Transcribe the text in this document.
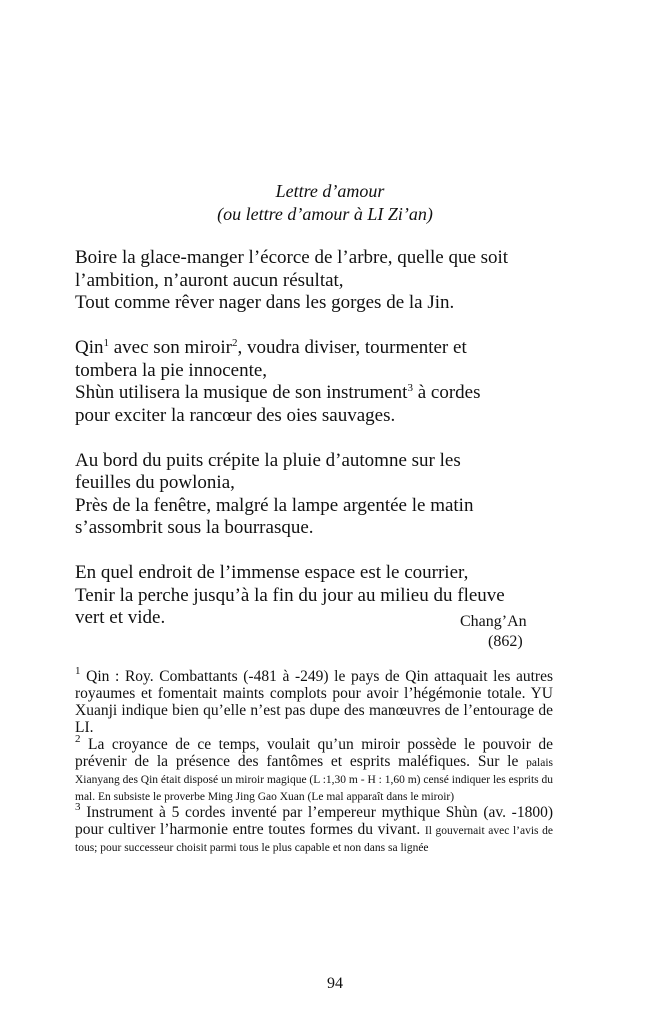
Lettre d’amour
(ou lettre d’amour à LI Zi’an)
Boire la glace-manger l’écorce de l’arbre, quelle que soit
l’ambition, n’auront aucun résultat,
Tout comme rêver nager dans les gorges de la Jin.
Qin$^1$ avec son miroir$^2$, voudra diviser, tourmenter et
tombera la pie innocente,
Shùn utilisera la musique de son instrument$^3$ à cordes
pour exciter la rancœur des oies sauvages.
Au bord du puits crépite la pluie d’automne sur les
feuilles du powlonia,
Près de la fenêtre, malgré la lampe argentée le matin
s’assombrit sous la bourrasque.
En quel endroit de l’immense espace est le courrier,
Tenir la perche jusqu’à la fin du jour au milieu du fleuve
vert et vide.	Chang’An
(862)

$^1$ Qin : Roy. Combattants (-481 à -249) le pays de Qin attaquait les autres royaumes et fomentait maints complots pour avoir l’hégémonie totale. YU Xuanji indique bien qu’elle n’est pas dupe des manœuvres de l’entourage de LI.

$^2$ La croyance de ce temps, voulait qu’un miroir possède le pouvoir de prévenir de la présence des fantômes et esprits maléfiques. Sur le palais Xianyang des Qin était disposé un miroir magique (L :1,30 m - H : 1,60 m) censé indiquer les esprits du mal. En subsiste le proverbe Ming Jing Gao Xuan (Le mal apparaît dans le miroir)

$^3$ Instrument à 5 cordes inventé par l’empereur mythique Shùn (av. -1800) pour cultiver l’harmonie entre toutes formes du vivant. Il gouvernait avec l’avis de tous; pour successeur choisit parmi tous le plus capable et non dans sa lignée

94
